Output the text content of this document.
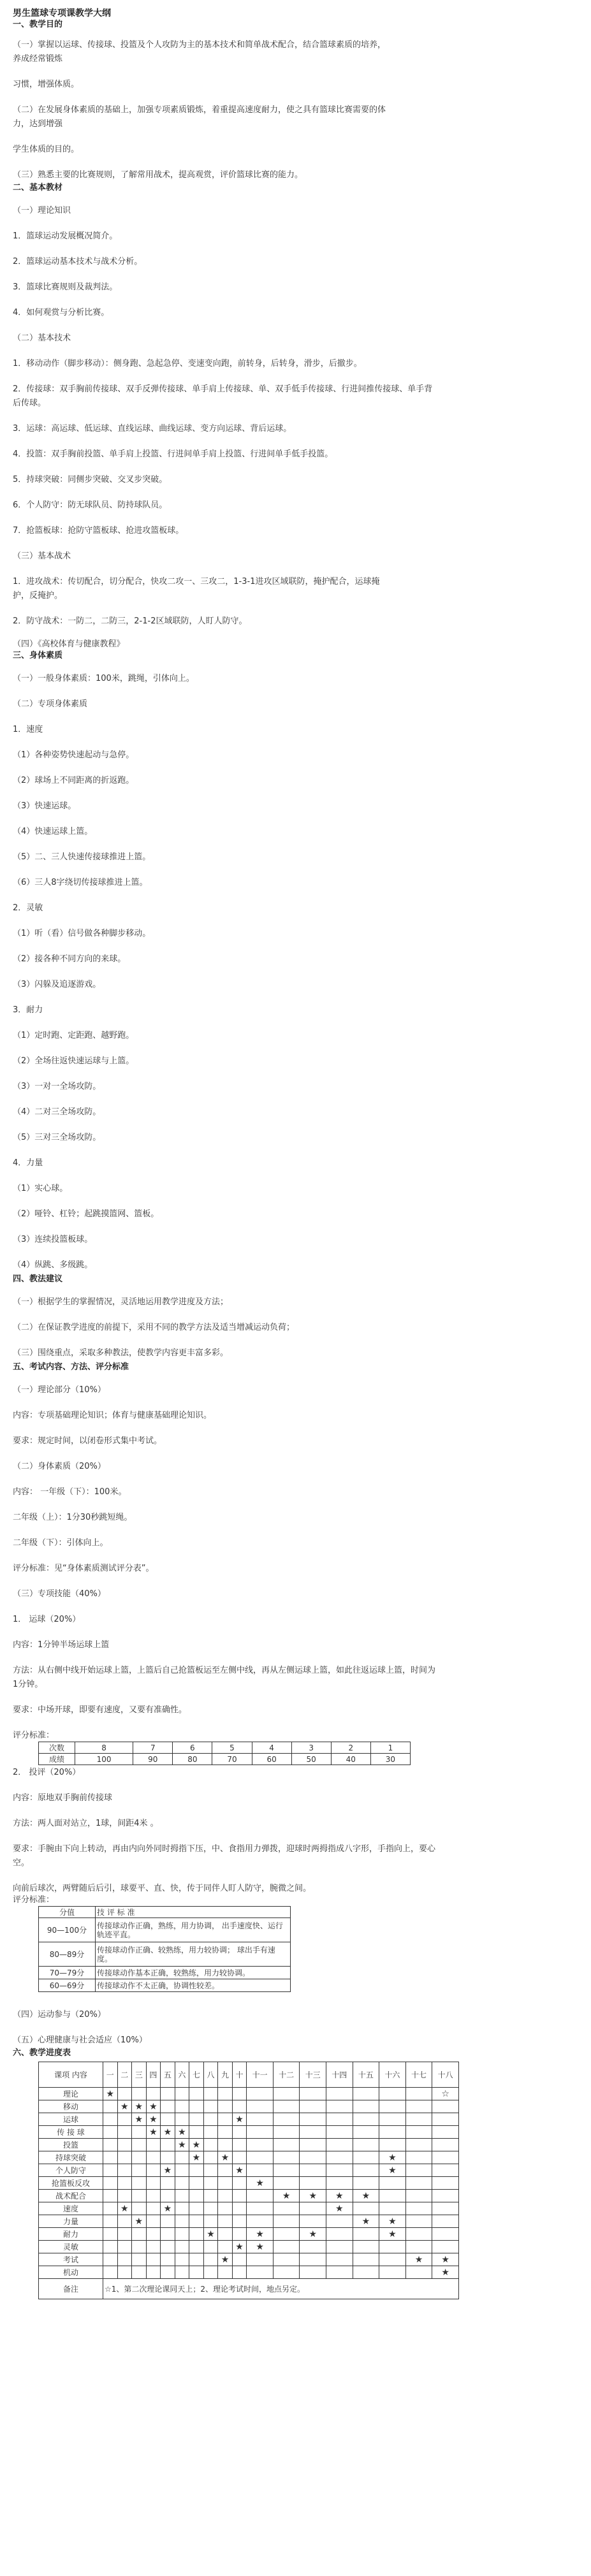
男生篮球专项课教学大纲
一、教学目的
（一）掌握以运球、传接球、投篮及个人攻防为主的基本技术和简单战术配合，结合篮球素质的培养，
养成经常锻炼
习惯，增强体质。
（二）在发展身体素质的基础上，加强专项素质锻炼，着重提高速度耐力，使之具有篮球比赛需要的体
力，达到增强
学生体质的目的。
（三）熟悉主要的比赛规则，了解常用战术，提高观赏，评价篮球比赛的能力。
二、基本教材
（一）理论知识
1．篮球运动发展概况简介。
2．篮球运动基本技术与战术分析。
3．篮球比赛规则及裁判法。
4．如何观赏与分析比赛。
（二）基本技术
1．移动动作（脚步移动）：侧身跑、急起急停、变速变向跑，前转身，后转身，滑步，后撤步。
2．传接球：双手胸前传接球、双手反弹传接球、单手肩上传接球、单、双手低手传接球、行进间推传接球、单手背
后传球。
3．运球：高运球、低运球、直线运球、曲线运球、变方向运球、背后运球。
4．投篮：双手胸前投篮、单手肩上投篮、行进间单手肩上投篮、行进间单手低手投篮。
5．持球突破：同侧步突破、交叉步突破。
6．个人防守：防无球队员、防持球队员。
7．抢篮板球：抢防守篮板球、抢进攻篮板球。
（三）基本战术
1．进攻战术：传切配合，切分配合，快攻二攻一、三攻二，1-3-1进攻区域联防，掩护配合，运球掩
护，反掩护。
2．防守战术：一防二，二防三，2-1-2区域联防，人盯人防守。
（四）《高校体育与健康教程》
三、身体素质
（一）一般身体素质：100米，跳绳，引体向上。
（二）专项身体素质
1．速度
（1）各种姿势快速起动与急停。
（2）球场上不同距离的折返跑。
（3）快速运球。
（4）快速运球上篮。
（5）二、三人快速传接球推进上篮。
（6）三人8字绕切传接球推进上篮。
2．灵敏
（1）听（看）信号做各种脚步移动。
（2）接各种不同方向的来球。
（3）闪躲及追逐游戏。
3．耐力
（1）定时跑、定距跑、越野跑。
（2）全场往返快速运球与上篮。
（3）一对一全场攻防。
（4）二对三全场攻防。
（5）三对三全场攻防。
4．力量
（1）实心球。
（2）哑铃、杠铃；起跳摸篮网、篮板。
（3）连续投篮板球。
（4）纵跳、多级跳。
四、教法建议
（一）根据学生的掌握情况，灵活地运用教学进度及方法；
（二）在保证教学进度的前提下，采用不同的教学方法及适当增减运动负荷；
（三）围绕重点，采取多种教法，使教学内容更丰富多彩。
五、考试内容、方法、评分标准
（一）理论部分（10%）
内容：专项基础理论知识；体育与健康基础理论知识。
要求：规定时间，以闭卷形式集中考试。
（二）身体素质（20%）
内容： 一年级（下）：100米。
二年级（上）：1分30秒跳短绳。
二年级（下）：引体向上。
评分标准：见“身体素质测试评分表”。
（三）专项技能（40%）
1． 运球（20%）
内容：1分钟半场运球上篮
方法：从右侧中线开始运球上篮，上篮后自己抢篮板运至左侧中线，再从左侧运球上篮，如此往返运球上篮，时间为
1分钟。
要求：中场开球，即要有速度，又要有准确性。
评分标准：
次数	8	7	6	5	4	3	2	1
成绩	100	90	80	70	60	50	40	30
2． 投评（20%）
内容：原地双手胸前传接球
方法：两人面对站立，1球，间距4米 。
要求：手腕由下向上转动，再由内向外同时拇指下压，中、食指用力弹拨，迎球时两拇指成八字形，手指向上，要心
空。
向前后球次，两臂随后后引，球要平、直、快，传于同伴人盯人防守，腕微之间。
评分标准：
分值	技 评 标 准
90—100分	传接球动作正确，熟练，用力协调， 出手速度快、运行轨迹平直。
80—89分	传接球动作正确、较熟练，用力较协调； 球出手有速度。
70—79分	传接球动作基本正确，较熟练，用力较协调。
60—69分	传接球动作不太正确，协调性较差。
（四）运动参与（20%）
（五）心理健康与社会适应（10%）
六、教学进度表
课项 内容	一	二	三	四	五	六	七	八	九	十	十一	十二	十三	十四	十五	十六	十七	十八
理论	★																	☆
移动		★	★	★														
运球			★	★						★								
传 接 球				★	★	★												
投篮						★	★											
持球突破							★		★							★		
个人防守					★					★						★		
抢篮板反攻											★							
战术配合												★	★	★	★			
速度		★			★									★				
力量			★												★	★		
耐力								★			★		★			★		
灵敏										★	★							
考试									★								★	★
机动																		★
备注	☆1、第二次理论课同天上；2、理论考试时间，地点另定。																	
